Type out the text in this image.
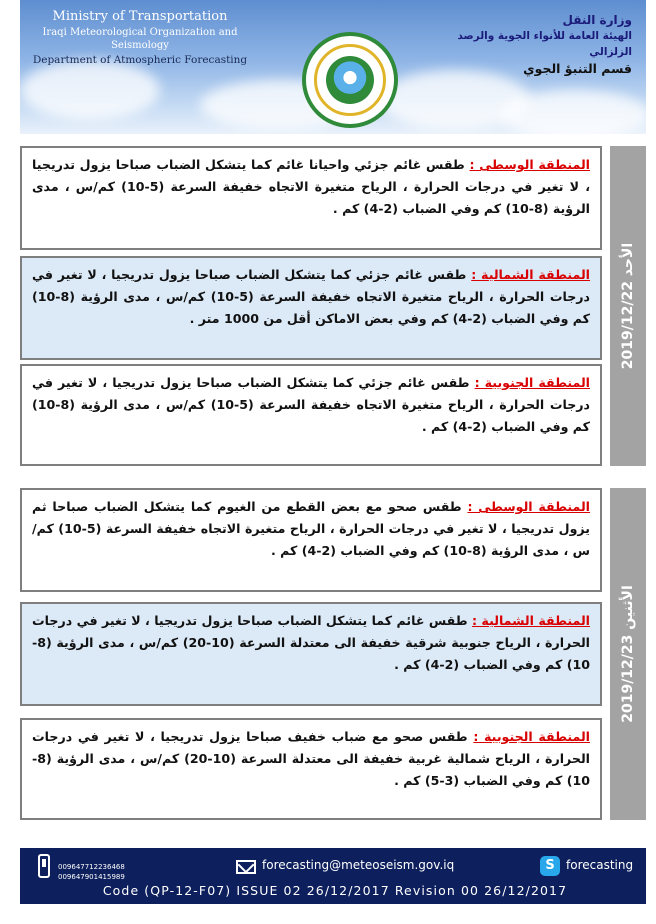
Ministry of Transportation
Iraqi Meteorological Organization and Seismology
Department of Atmospheric Forecasting
وزارة النقل
الهيئة العامة للأنواء الجوية والرصد الزلزالي
قسم التنبؤ الجوي
الأحد 2019/12/22
المنطقة الوسطى : طقس غائم جزئي واحيانا غائم كما يتشكل الضباب صباحا يزول تدريجيا ، لا تغير في درجات الحرارة ، الرياح متغيرة الاتجاه خفيفة السرعة (5-10) كم/س ، مدى الرؤية (8-10) كم وفي الضباب (2-4) كم .
المنطقة الشمالية : طقس غائم جزئي كما يتشكل الضباب صباحا يزول تدريجيا ، لا تغير في درجات الحرارة ، الرياح متغيرة الاتجاه خفيفة السرعة (5-10) كم/س ، مدى الرؤية (8-10) كم وفي الضباب (2-4) كم وفي بعض الاماكن أقل من 1000 متر .
المنطقة الجنوبية : طقس غائم جزئي كما يتشكل الضباب صباحا يزول تدريجيا ، لا تغير في درجات الحرارة ، الرياح متغيرة الاتجاه خفيفة السرعة (5-10) كم/س ، مدى الرؤية (8-10) كم وفي الضباب (2-4) كم .
الأثنين 2019/12/23
المنطقة الوسطى : طقس صحو مع بعض القطع من الغيوم كما يتشكل الضباب صباحا ثم يزول تدريجيا ، لا تغير في درجات الحرارة ، الرياح متغيرة الاتجاه خفيفة السرعة (5-10) كم/س ، مدى الرؤية (8-10) كم وفي الضباب (2-4) كم .
المنطقة الشمالية : طقس غائم كما يتشكل الضباب صباحا يزول تدريجيا ، لا تغير في درجات الحرارة ، الرياح جنوبية شرقية خفيفة الى معتدلة السرعة (10-20) كم/س ، مدى الرؤية (8-10) كم وفي الضباب (2-4) كم .
المنطقة الجنوبية : طقس صحو مع ضباب خفيف صباحا يزول تدريجيا ، لا تغير في درجات الحرارة ، الرياح شمالية غربية خفيفة الى معتدلة السرعة (10-20) كم/س ، مدى الرؤية (8-10) كم وفي الضباب (3-5) كم .
009647712236468
009647901415989
forecasting@meteoseism.gov.iq	S forecasting
Code (QP-12-F07) ISSUE 02 26/12/2017 Revision 00 26/12/2017
